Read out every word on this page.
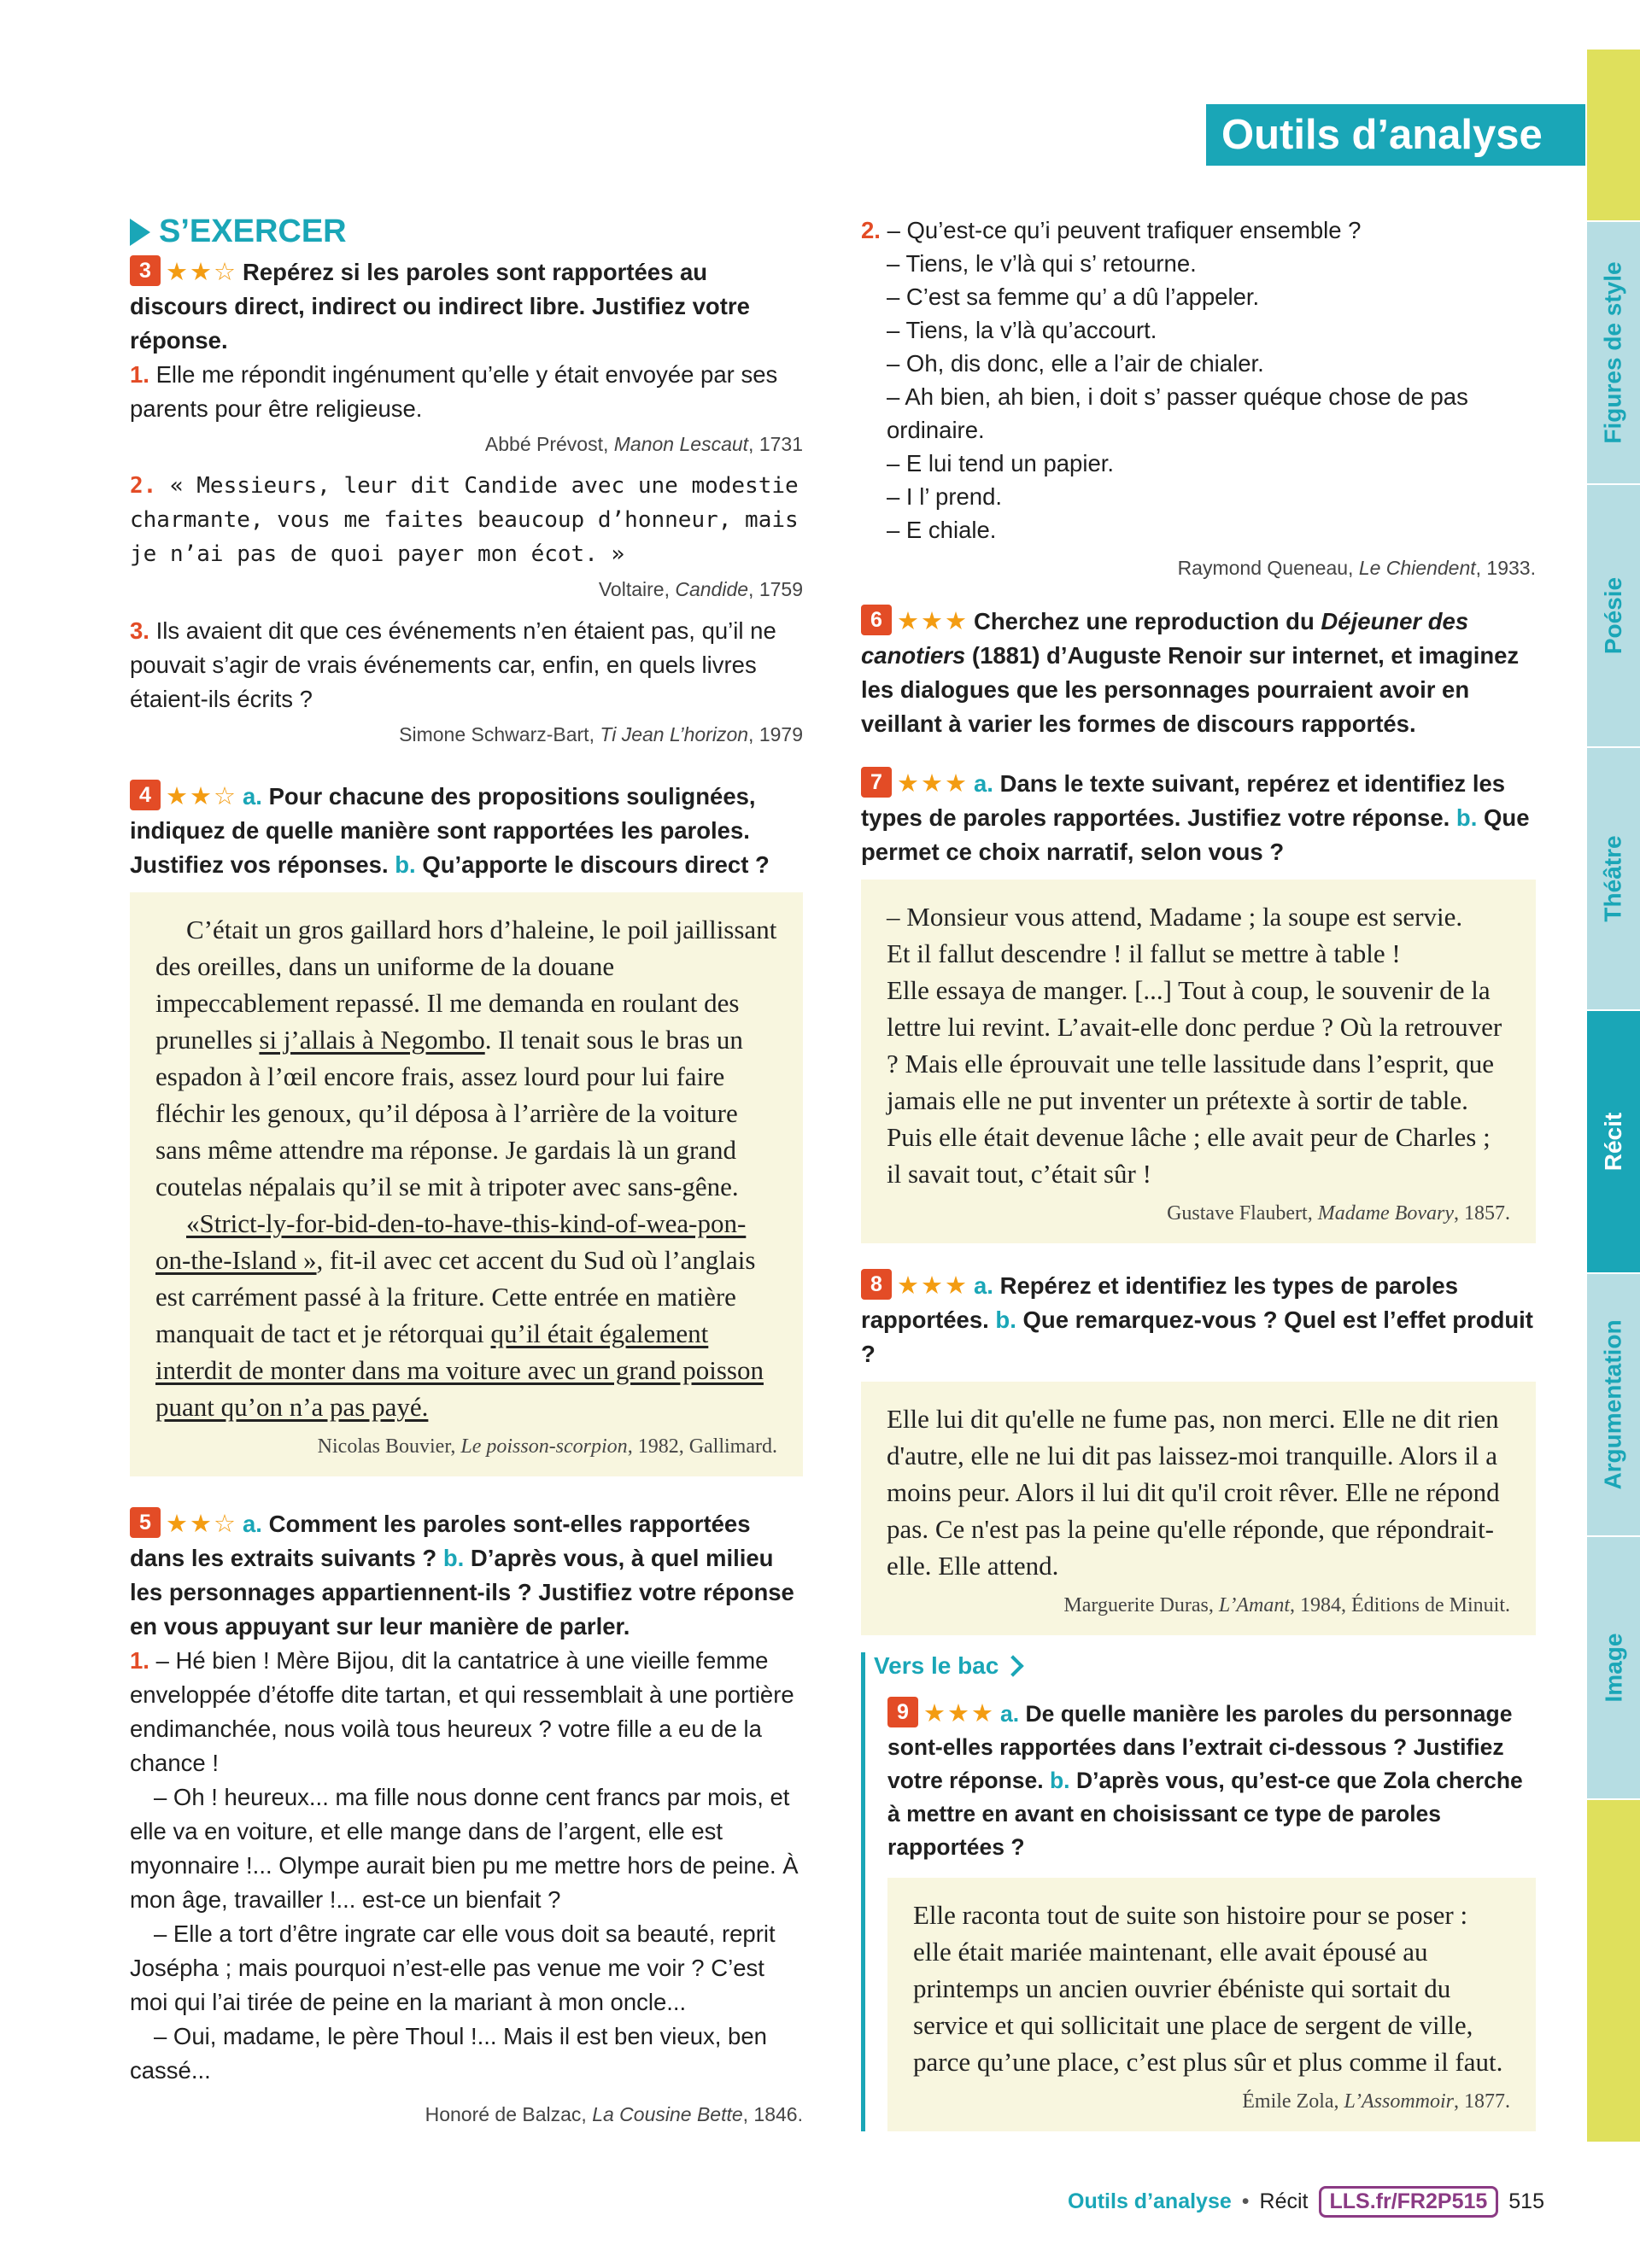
Outils d’analyse
Figures de style
Poésie
Théâtre
Récit
Argumentation
Image
S’EXERCER
3 ★★☆ Repérez si les paroles sont rapportées au discours direct, indirect ou indirect libre. Justifiez votre réponse.
1. Elle me répondit ingénument qu’elle y était envoyée par ses parents pour être religieuse.
Abbé Prévost, Manon Lescaut, 1731
2. « Messieurs, leur dit Candide avec une modestie charmante, vous me faites beaucoup d’honneur, mais je n’ai pas de quoi payer mon écot. »
Voltaire, Candide, 1759
3. Ils avaient dit que ces événements n’en étaient pas, qu’il ne pouvait s’agir de vrais événements car, enfin, en quels livres étaient-ils écrits ?
Simone Schwarz-Bart, Ti Jean L’horizon, 1979
4 ★★☆ a. Pour chacune des propositions soulignées, indiquez de quelle manière sont rapportées les paroles. Justifiez vos réponses. b. Qu’apporte le discours direct ?
C’était un gros gaillard hors d’haleine, le poil jaillissant des oreilles, dans un uniforme de la douane impeccablement repassé. Il me demanda en roulant des prunelles si j’allais à Negombo. Il tenait sous le bras un espadon à l’œil encore frais, assez lourd pour lui faire fléchir les genoux, qu’il déposa à l’arrière de la voiture sans même attendre ma réponse. Je gardais là un grand coutelas népalais qu’il se mit à tripoter avec sans-gêne.
«Strict-ly-for-bid-den-to-have-this-kind-of-wea-pon-on-the-Island », fit-il avec cet accent du Sud où l’anglais est carrément passé à la friture. Cette entrée en matière manquait de tact et je rétorquai qu’il était également interdit de monter dans ma voiture avec un grand poisson puant qu’on n’a pas payé.
Nicolas Bouvier, Le poisson-scorpion, 1982, Gallimard.
5 ★★☆ a. Comment les paroles sont-elles rapportées dans les extraits suivants ? b. D’après vous, à quel milieu les personnages appartiennent-ils ? Justifiez votre réponse en vous appuyant sur leur manière de parler.
1. – Hé bien ! Mère Bijou, dit la cantatrice à une vieille femme enveloppée d’étoffe dite tartan, et qui ressemblait à une portière endimanchée, nous voilà tous heureux ? votre fille a eu de la chance !
– Oh ! heureux... ma fille nous donne cent francs par mois, et elle va en voiture, et elle mange dans de l’argent, elle est myonnaire !... Olympe aurait bien pu me mettre hors de peine. À mon âge, travailler !... est-ce un bienfait ?
– Elle a tort d’être ingrate car elle vous doit sa beauté, reprit Joséphа ; mais pourquoi n’est-elle pas venue me voir ? C’est moi qui l’ai tirée de peine en la mariant à mon oncle...
– Oui, madame, le père Thoul !... Mais il est ben vieux, ben cassé...
Honoré de Balzac, La Cousine Bette, 1846.
2. – Qu’est-ce qu’i peuvent trafiquer ensemble ?
– Tiens, le v’là qui s’ retourne.
– C’est sa femme qu’ a dû l’appeler.
– Tiens, la v’là qu’accourt.
– Oh, dis donc, elle a l’air de chialer.
– Ah bien, ah bien, i doit s’ passer quéque chose de pas ordinaire.
– E lui tend un papier.
– I l’ prend.
– E chiale.
Raymond Queneau, Le Chiendent, 1933.
6 ★★★ Cherchez une reproduction du Déjeuner des canotiers (1881) d’Auguste Renoir sur internet, et imaginez les dialogues que les personnages pourraient avoir en veillant à varier les formes de discours rapportés.
7 ★★★ a. Dans le texte suivant, repérez et identifiez les types de paroles rapportées. Justifiez votre réponse. b. Que permet ce choix narratif, selon vous ?
– Monsieur vous attend, Madame ; la soupe est servie.
Et il fallut descendre ! il fallut se mettre à table !
Elle essaya de manger. [...] Tout à coup, le souvenir de la lettre lui revint. L’avait-elle donc perdue ? Où la retrouver ? Mais elle éprouvait une telle lassitude dans l’esprit, que jamais elle ne put inventer un prétexte à sortir de table. Puis elle était devenue lâche ; elle avait peur de Charles ; il savait tout, c’était sûr !
Gustave Flaubert, Madame Bovary, 1857.
8 ★★★ a. Repérez et identifiez les types de paroles rapportées. b. Que remarquez-vous ? Quel est l’effet produit ?
Elle lui dit qu'elle ne fume pas, non merci. Elle ne dit rien d'autre, elle ne lui dit pas laissez-moi tranquille. Alors il a moins peur. Alors il lui dit qu'il croit rêver. Elle ne répond pas. Ce n'est pas la peine qu'elle réponde, que répondrait-elle. Elle attend.
Marguerite Duras, L’Amant, 1984, Éditions de Minuit.
Vers le bac
9 ★★★ a. De quelle manière les paroles du personnage sont-elles rapportées dans l’extrait ci-dessous ? Justifiez votre réponse. b. D’après vous, qu’est-ce que Zola cherche à mettre en avant en choisissant ce type de paroles rapportées ?
Elle raconta tout de suite son histoire pour se poser : elle était mariée maintenant, elle avait épousé au printemps un ancien ouvrier ébéniste qui sortait du service et qui sollicitait une place de sergent de ville, parce qu’une place, c’est plus sûr et plus comme il faut.
Émile Zola, L’Assommoir, 1877.
Outils d’analyse • Récit	LLS.fr/FR2P515	515
